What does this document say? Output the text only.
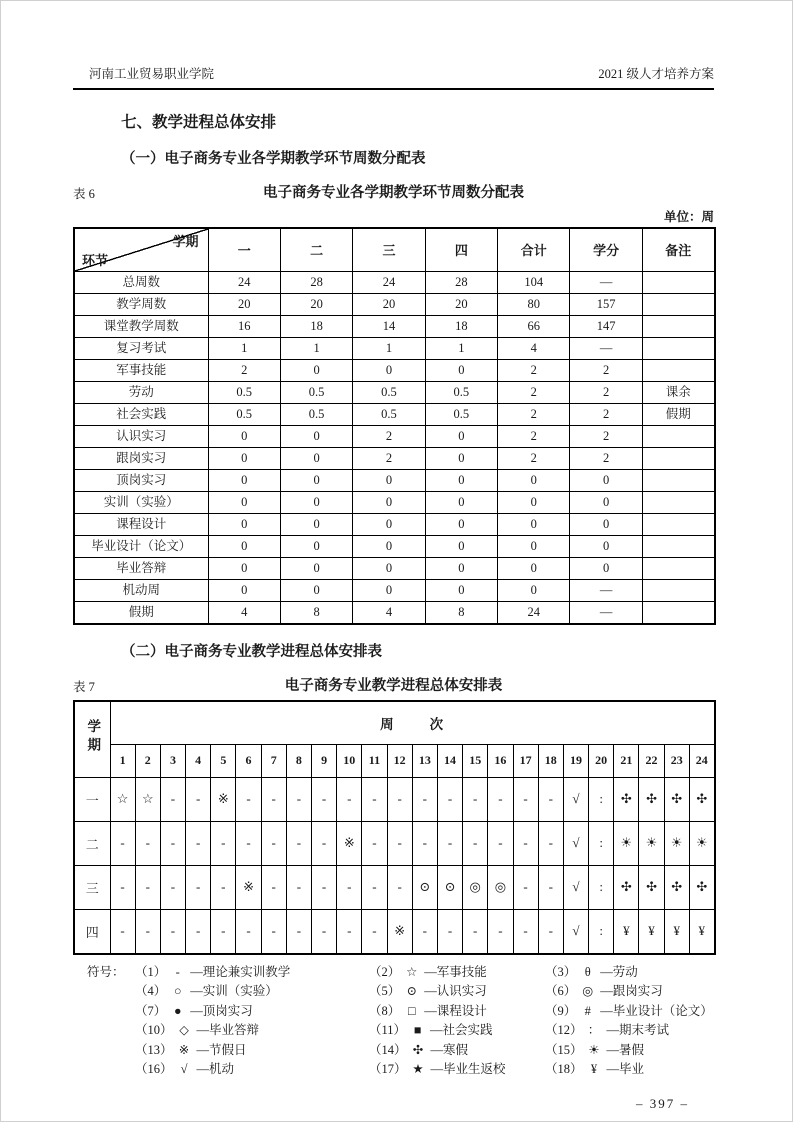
河南工业贸易职业学院	2021 级人才培养方案
七、教学进程总体安排
（一）电子商务专业各学期教学环节周数分配表
表 6	电子商务专业各学期教学环节周数分配表
单位：周
学期
环节	一	二	三	四	合计	学分	备注
总周数	24	28	24	28	104	—	
教学周数	20	20	20	20	80	157	
课堂教学周数	16	18	14	18	66	147	
复习考试	1	1	1	1	4	—	
军事技能	2	0	0	0	2	2	
劳动	0.5	0.5	0.5	0.5	2	2	课余
社会实践	0.5	0.5	0.5	0.5	2	2	假期
认识实习	0	0	2	0	2	2	
跟岗实习	0	0	2	0	2	2	
顶岗实习	0	0	0	0	0	0	
实训（实验）	0	0	0	0	0	0	
课程设计	0	0	0	0	0	0	
毕业设计（论文）	0	0	0	0	0	0	
毕业答辩	0	0	0	0	0	0	
机动周	0	0	0	0	0	—	
假期	4	8	4	8	24	—	
（二）电子商务专业教学进程总体安排表
表 7	电子商务专业教学进程总体安排表
学期	周        次																							
	1	2	3	4	5	6	7	8	9	10	11	12	13	14	15	16	17	18	19	20	21	22	23	24
一	☆	☆	-	-	※	-	-	-	-	-	-	-	-	-	-	-	-	-	√	:	✣	✣	✣	✣
二	-	-	-	-	-	-	-	-	-	※	-	-	-	-	-	-	-	-	√	:	☀	☀	☀	☀
三	-	-	-	-	-	※	-	-	-	-	-	-	⊙	⊙	◎	◎	-	-	√	:	✣	✣	✣	✣
四	-	-	-	-	-	-	-	-	-	-	-	※	-	-	-	-	-	-	√	:	¥	¥	¥	¥
符号： （1） - —理论兼实训教学	（2） ☆ —军事技能	（3） θ —劳动
（4） ○ —实训（实验）	（5） ⊙ —认识实习	（6） ◎ —跟岗实习
（7） ● —顶岗实习	（8） □ —课程设计	（9） # —毕业设计（论文）
（10） ◇ —毕业答辩	（11） ■ —社会实践	（12） ： —期末考试
（13） ※ —节假日	（14） ✣ —寒假	（15） ☀ —暑假
（16） √ —机动	（17） ★ —毕业生返校	（18） ¥ —毕业
– 397 –
